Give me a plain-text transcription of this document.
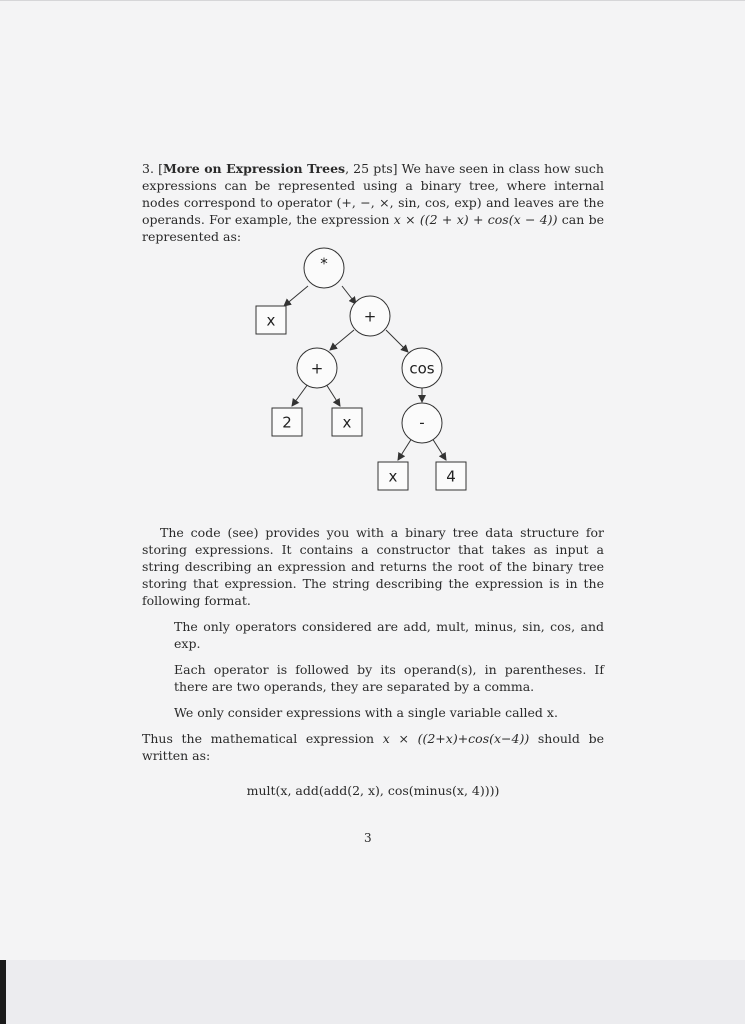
3. [More on Expression Trees, 25 pts] We have seen in class how such expressions can be represented using a binary tree, where internal nodes correspond to operator (+, −, ×, sin, cos, exp) and leaves are the operands. For example, the expression x × ((2 + x) + cos(x − 4)) can be represented as:

*
x	+
+	cos
2	x	-
x	4

The code (see) provides you with a binary tree data structure for storing expressions. It contains a constructor that takes as input a string describing an expression and returns the root of the binary tree storing that expression. The string describing the expression is in the following format.

The only operators considered are add, mult, minus, sin, cos, and exp.

Each operator is followed by its operand(s), in parentheses. If there are two operands, they are separated by a comma.

We only consider expressions with a single variable called x.

Thus the mathematical expression x × ((2+x)+cos(x−4)) should be written as:

mult(x, add(add(2, x), cos(minus(x, 4))))

3
